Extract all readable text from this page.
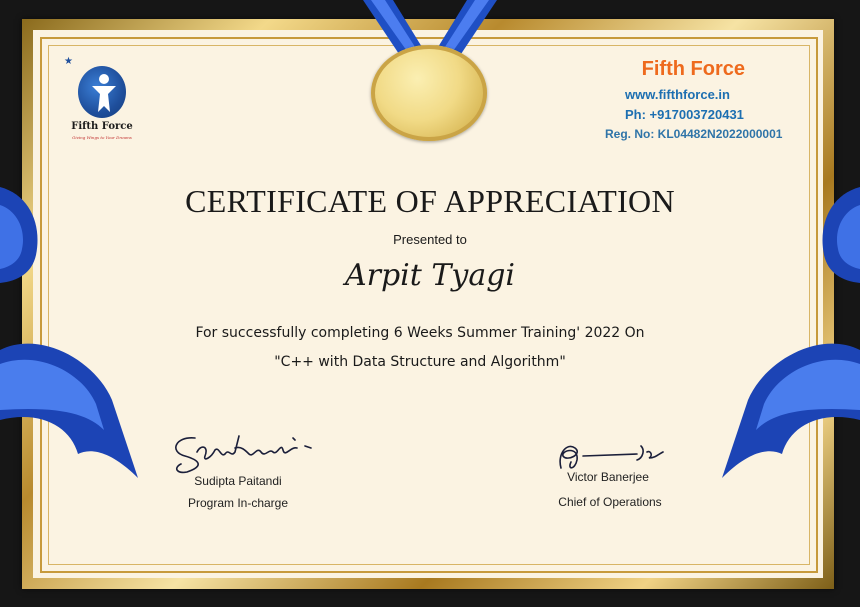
★
Fifth Force
Giving Wings to Your Dreams
Fifth Force
www.fifthforce.in
Ph: +917003720431
Reg. No: KL04482N2022000001
CERTIFICATE OF APPRECIATION
Presented to
Arpit Tyagi
For successfully completing 6 Weeks Summer Training' 2022 On
"C++ with Data Structure and Algorithm"
Sudipta Paitandi
Program In-charge
Victor Banerjee
Chief of Operations
